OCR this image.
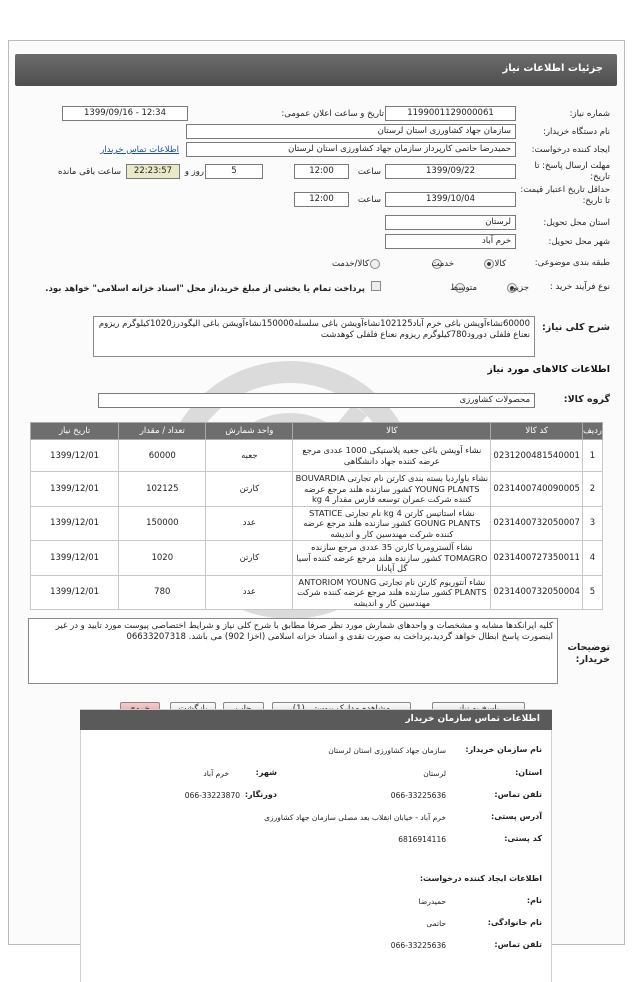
جزئیات اطلاعات نیاز
شماره نیاز:
1199001129000061
تاریخ و ساعت اعلان عمومی:
1399/09/16 - 12:34
نام دستگاه خریدار:
سازمان جهاد کشاورزی استان لرستان
ایجاد کننده درخواست:
حمیدرضا حاتمی کارپرداز سازمان جهاد کشاورزی استان لرستان
اطلاعات تماس خریدار
مهلت ارسال پاسخ: تا تاریخ:
1399/09/22
ساعت
12:00
5
روز و
22:23:57
ساعت باقی مانده
حداقل تاریخ اعتبار قیمت: تا تاریخ:
1399/10/04
ساعت
12:00
استان محل تحویل:
لرستان
شهر محل تحویل:
خرم آباد
طبقه بندی موضوعی:
کالا
خدمت
کالا/خدمت
نوع فرآیند خرید :
جزیی
متوسط
پرداخت تمام یا بخشی از مبلغ خرید،از محل "اسناد خزانه اسلامی" خواهد بود.
شرح کلی نیاز:
60000نشاءآویشن باغی خرم آباد102125نشاءآویشن باغی سلسله150000نشاءآویشن باغی الیگودرز1020کیلوگرم ریزوم نعناع فلفلی دورود780کیلوگرم ریزوم نعناع فلفلی کوهدشت
اطلاعات کالاهای مورد نیاز
گروه کالا:
محصولات کشاورزی
ردیف	کد کالا	کالا	واحد شمارش	تعداد / مقدار	تاریخ نیاز
1	0231200481540001	نشاء آویشن باغی جعبه پلاستیکی 1000 عددی مرجع عرضه کننده جهاد دانشگاهی	جعبه	60000	1399/12/01
2	0231400740090005	نشاء باواردیا بسته بندی کارتن نام تجارتی BOUVARDIA YOUNG PLANTS کشور سازنده هلند مرجع عرضه کننده شرکت عمران توسعه فارس مقدار 4 kg	کارتن	102125	1399/12/01
3	0231400732050007	نشاء استاتیس کارتن 4 kg نام تجارتی STATICE GOUNG PLANTS کشور سازنده هلند مرجع عرضه کننده شرکت مهندسین کار و اندیشه	عدد	150000	1399/12/01
4	0231400727350011	نشاء آلسترومریا کارتن 35 عددی مرجع سازنده TOMAGRO کشور سازنده هلند مرجع عرضه کننده آسیا گل آپادانا	کارتن	1020	1399/12/01
5	0231400732050004	نشاء آنتوریوم کارتن نام تجارتی ANTORIOM YOUNG PLANTS کشور سازنده هلند مرجع عرضه کننده شرکت مهندسین کار و اندیشه	عدد	780	1399/12/01
کلیه ایرانکدها مشابه و مشخصات و واحدهای شمارش مورد نظر صرفا مطابق با شرح کلی نیاز و شرایط اختصاصی پیوست مورد تایید و در غیر اینصورت پاسخ ابطال خواهد گردید،پرداخت به صورت نقدی و اسناد خزانه اسلامی (اخزا 902) می باشد. 06633207318
توضیحات خریدار:
اطلاعات تماس سازمان خریدار
نام سازمان خریدار:
سازمان جهاد کشاورزی استان لرستان
استان:
لرستان
شهر:
خرم آباد
تلفن تماس:
066-33225636
دورنگار:
066-33223870
آدرس پستی:
خرم آباد - خیابان انقلاب بعد مصلی سازمان جهاد کشاورزی
کد پستی:
6816914116
اطلاعات ایجاد کننده درخواست:
نام:
حمیدرضا
نام خانوادگی:
حاتمی
تلفن تماس:
066-33225636
